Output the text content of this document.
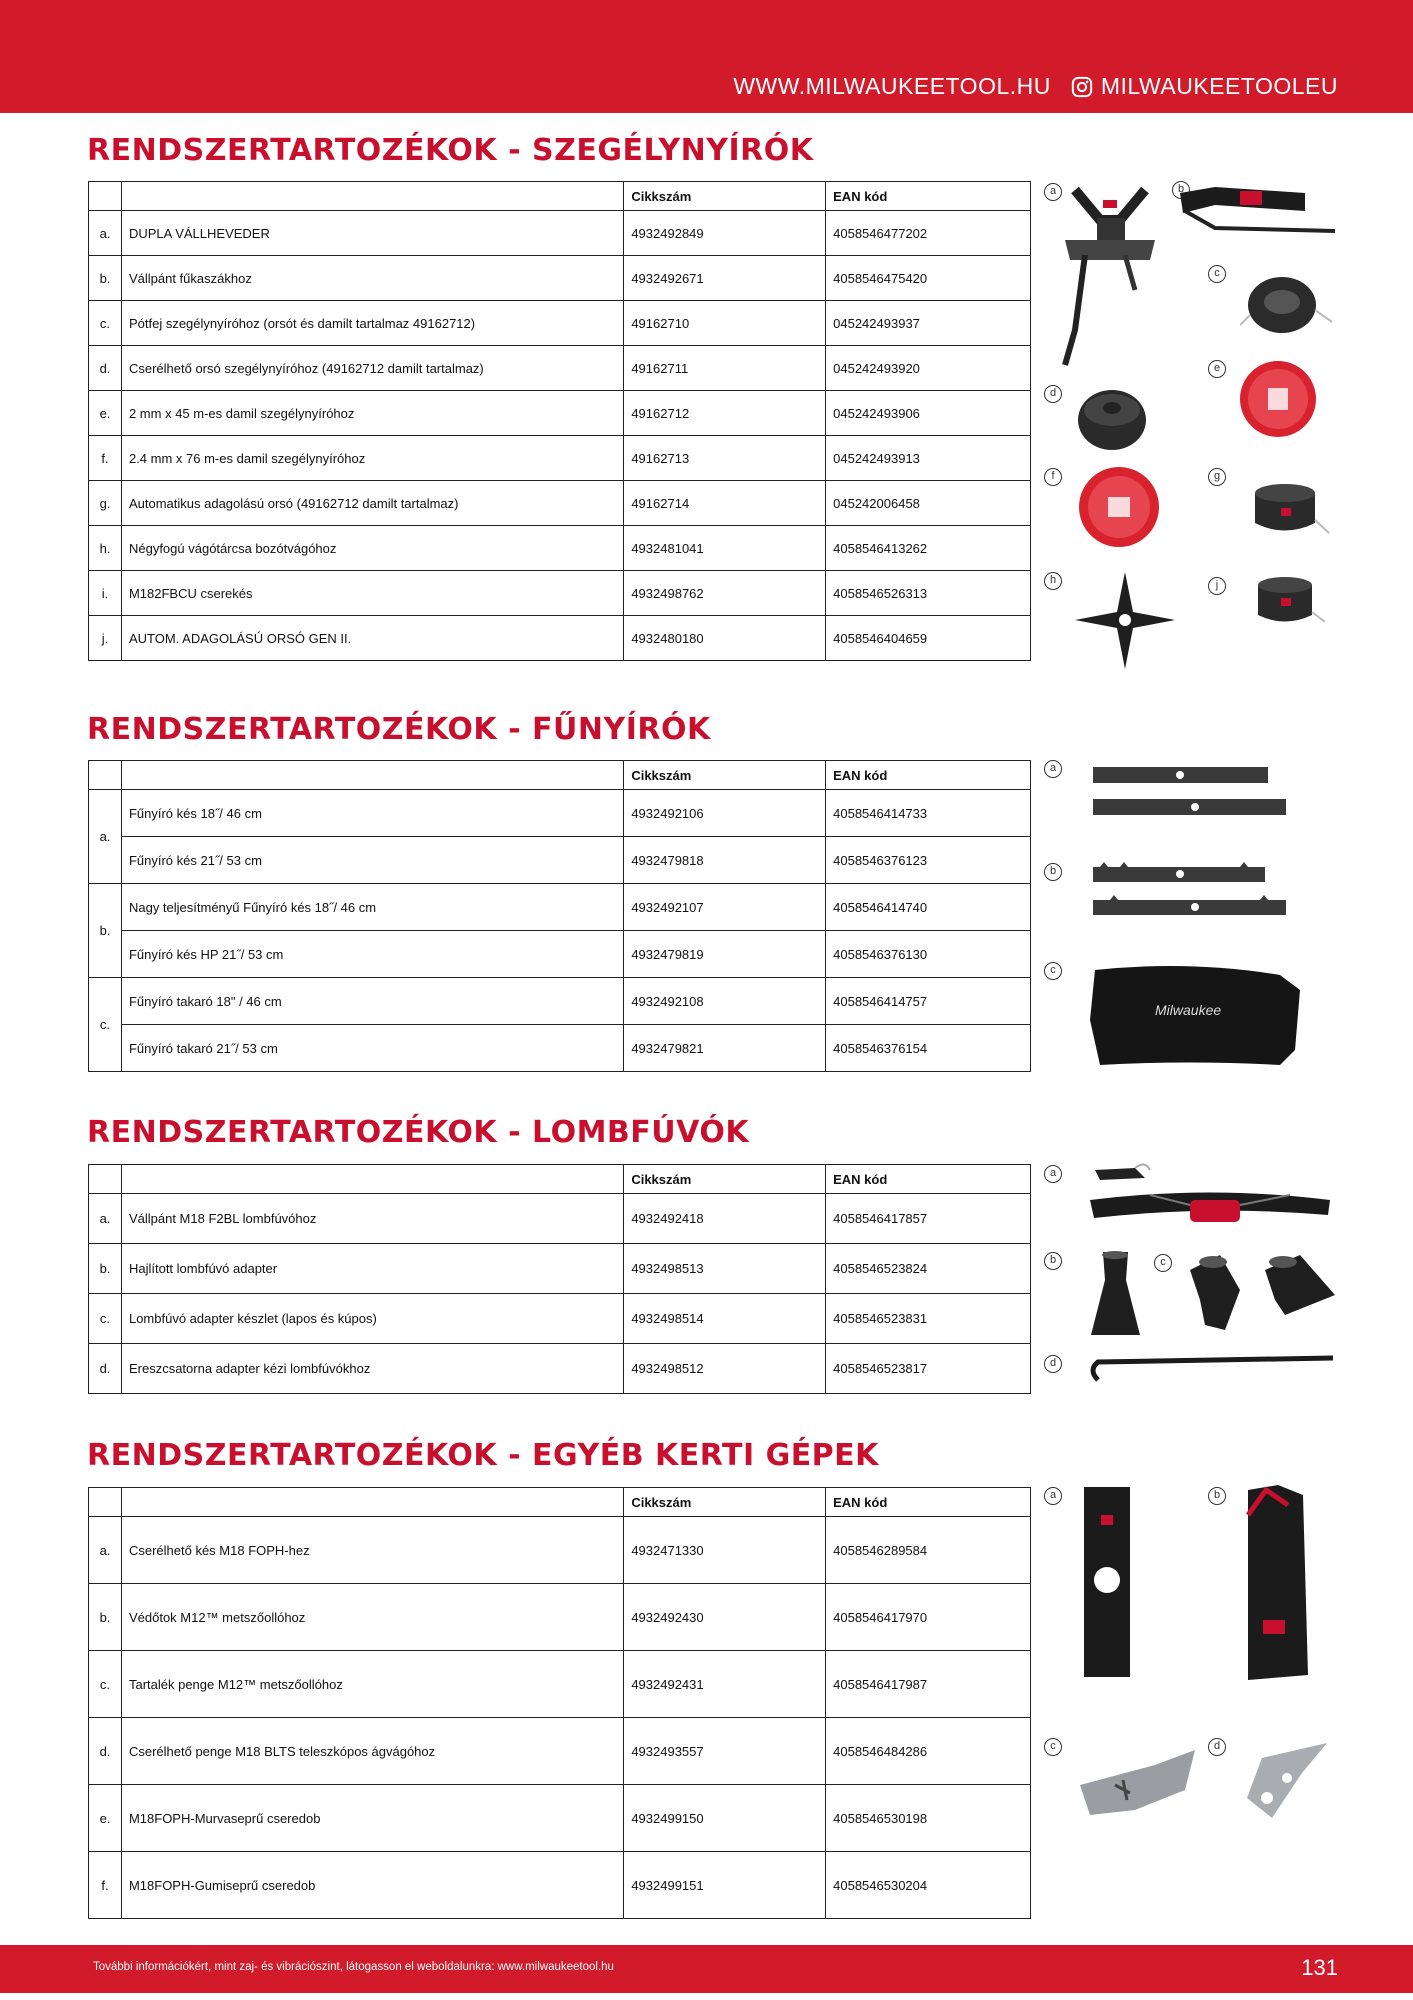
WWW.MILWAUKEETOOL.HU MILWAUKEETOOLEU
RENDSZERTARTOZÉKOK - SZEGÉLYNYÍRÓK
		Cikkszám	EAN kód
a.	DUPLA VÁLLHEVEDER	4932492849	4058546477202
b.	Vállpánt fűkaszákhoz	4932492671	4058546475420
c.	Pótfej szegélynyíróhoz (orsót és damilt tartalmaz 49162712)	49162710	045242493937
d.	Cserélhető orsó szegélynyíróhoz (49162712 damilt tartalmaz)	49162711	045242493920
e.	2 mm x 45 m-es damil szegélynyíróhoz	49162712	045242493906
f.	2.4 mm x 76 m-es damil szegélynyíróhoz	49162713	045242493913
g.	Automatikus adagolású orsó (49162712 damilt tartalmaz)	49162714	045242006458
h.	Négyfogú vágótárcsa bozótvágóhoz	4932481041	4058546413262
i.	M182FBCU cserekés	4932498762	4058546526313
j.	AUTOM. ADAGOLÁSÚ ORSÓ GEN II.	4932480180	4058546404659
a	b
c
d
e
f	g
h	j
RENDSZERTARTOZÉKOK - FŰNYÍRÓK
		Cikkszám	EAN kód
a.	Fűnyíró kés 18˝/ 46 cm	4932492106	4058546414733
	Fűnyíró kés 21˝/ 53 cm	4932479818	4058546376123
b.	Nagy teljesítményű Fűnyíró kés 18˝/ 46 cm	4932492107	4058546414740
	Fűnyíró kés HP 21˝/ 53 cm	4932479819	4058546376130
c.	Fűnyíró takaró 18" / 46 cm	4932492108	4058546414757
	Fűnyíró takaró 21˝/ 53 cm	4932479821	4058546376154
a
b
c
Milwaukee
RENDSZERTARTOZÉKOK - LOMBFÚVÓK
		Cikkszám	EAN kód
a.	Vállpánt M18 F2BL lombfúvóhoz	4932492418	4058546417857
b.	Hajlított lombfúvó adapter	4932498513	4058546523824
c.	Lombfúvó adapter készlet (lapos és kúpos)	4932498514	4058546523831
d.	Ereszcsatorna adapter kézi lombfúvókhoz	4932498512	4058546523817
a
b	c
d
RENDSZERTARTOZÉKOK - EGYÉB KERTI GÉPEK
		Cikkszám	EAN kód
a.	Cserélhető kés M18 FOPH-hez	4932471330	4058546289584
b.	Védőtok M12™ metszőollóhoz	4932492430	4058546417970
c.	Tartalék penge M12™ metszőollóhoz	4932492431	4058546417987
d.	Cserélhető penge M18 BLTS teleszkópos ágvágóhoz	4932493557	4058546484286
e.	M18FOPH-Murvaseprű cseredob	4932499150	4058546530198
f.	M18FOPH-Gumiseprű cseredob	4932499151	4058546530204
a	b
c	d
További információkért, mint zaj- és vibrációszint, látogasson el weboldalunkra: www.milwaukeetool.hu	131
